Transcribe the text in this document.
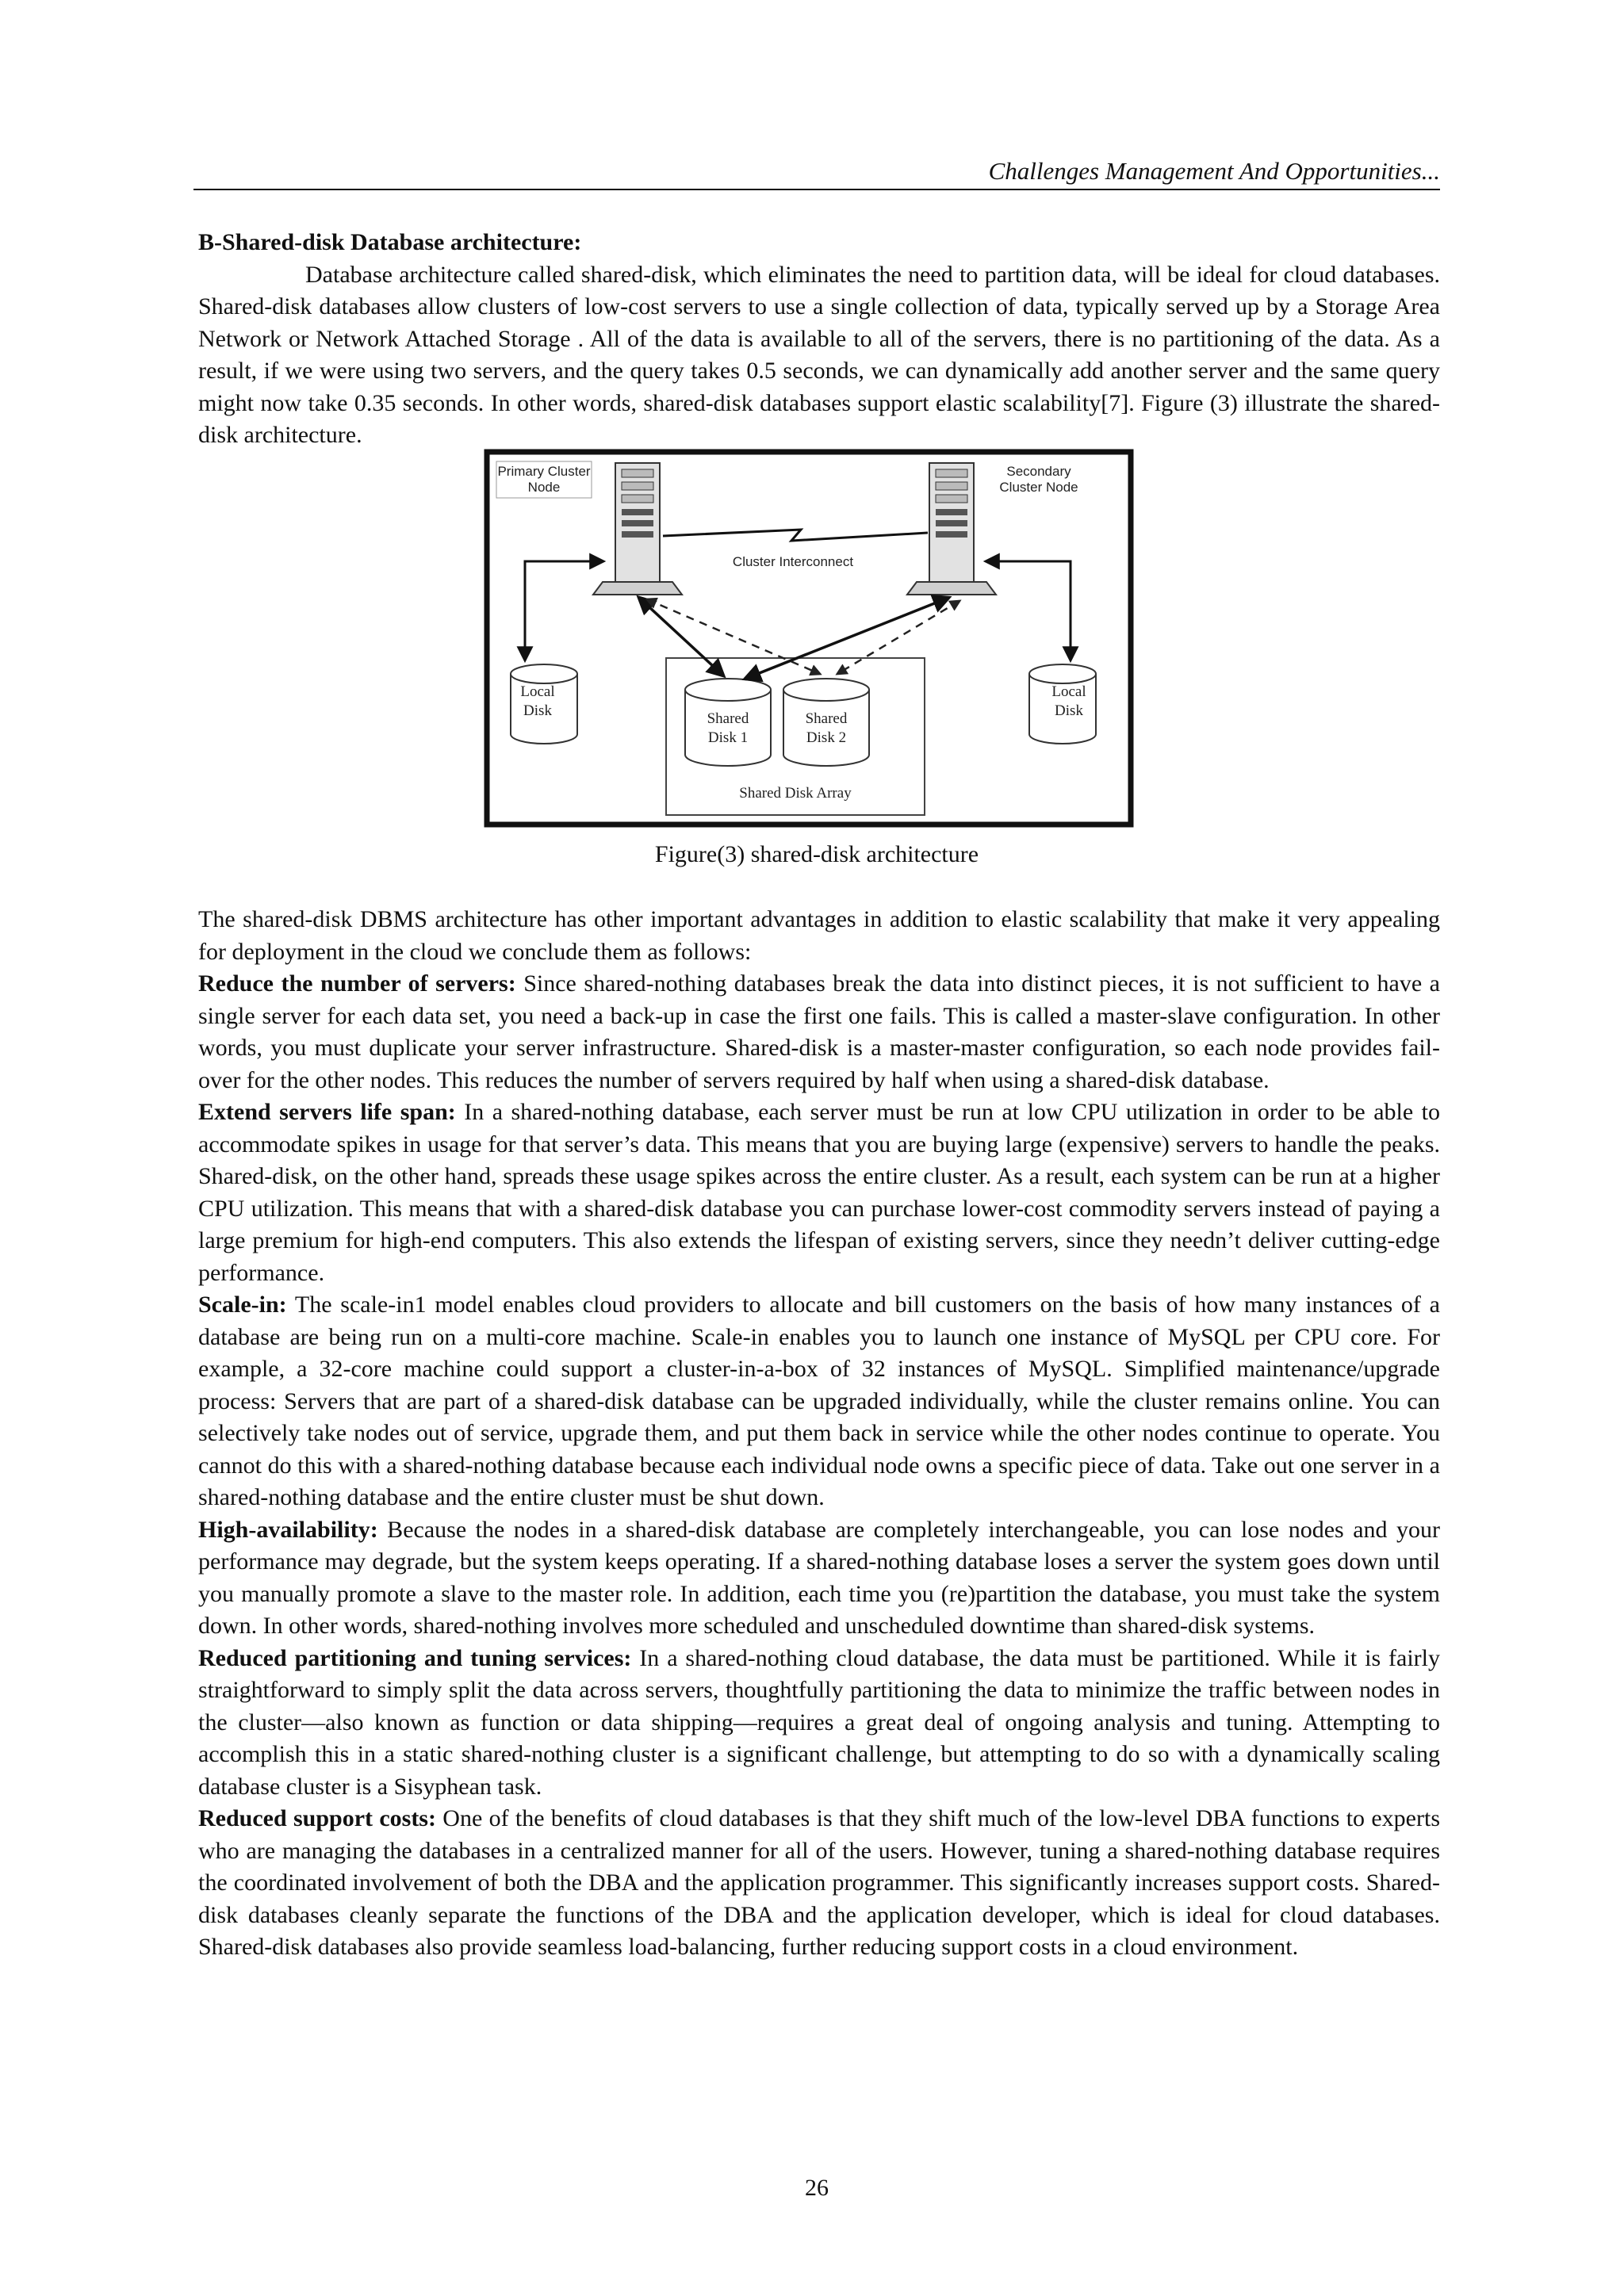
Challenges Management And Opportunities...
B-Shared-disk Database architecture:

Database architecture called shared-disk, which eliminates the need to partition data, will be ideal for cloud databases. Shared-disk databases allow clusters of low-cost servers to use a single collection of data, typically served up by a Storage Area Network or Network Attached Storage . All of the data is available to all of the servers, there is no partitioning of the data. As a result, if we were using two servers, and the query takes 0.5 seconds, we can dynamically add another server and the same query might now take 0.35 seconds. In other words, shared-disk databases support elastic scalability[7]. Figure (3) illustrate the shared-disk architecture.

Primary Cluster
Node
Secondary
Cluster Node
Cluster Interconnect
Local
Disk
Local
Disk
Shared Disk Array
Shared
Disk 1
Shared
Disk 2
Figure(3) shared-disk architecture

The shared-disk DBMS architecture has other important advantages in addition to elastic scalability that make it very appealing for deployment in the cloud we conclude them as follows:

Reduce the number of servers: Since shared-nothing databases break the data into distinct pieces, it is not sufficient to have a single server for each data set, you need a back-up in case the first one fails. This is called a master-slave configuration. In other words, you must duplicate your server infrastructure. Shared-disk is a master-master configuration, so each node provides fail-over for the other nodes. This reduces the number of servers required by half when using a shared-disk database.

Extend servers life span: In a shared-nothing database, each server must be run at low CPU utilization in order to be able to accommodate spikes in usage for that server’s data. This means that you are buying large (expensive) servers to handle the peaks. Shared-disk, on the other hand, spreads these usage spikes across the entire cluster. As a result, each system can be run at a higher CPU utilization. This means that with a shared-disk database you can purchase lower-cost commodity servers instead of paying a large premium for high-end computers. This also extends the lifespan of existing servers, since they needn’t deliver cutting-edge performance.

Scale-in: The scale-in1 model enables cloud providers to allocate and bill customers on the basis of how many instances of a database are being run on a multi-core machine. Scale-in enables you to launch one instance of MySQL per CPU core. For example, a 32-core machine could support a cluster-in-a-box of 32 instances of MySQL. Simplified maintenance/upgrade process: Servers that are part of a shared-disk database can be upgraded individually, while the cluster remains online. You can selectively take nodes out of service, upgrade them, and put them back in service while the other nodes continue to operate. You cannot do this with a shared-nothing database because each individual node owns a specific piece of data. Take out one server in a shared-nothing database and the entire cluster must be shut down.

High-availability: Because the nodes in a shared-disk database are completely interchangeable, you can lose nodes and your performance may degrade, but the system keeps operating. If a shared-nothing database loses a server the system goes down until you manually promote a slave to the master role. In addition, each time you (re)partition the database, you must take the system down. In other words, shared-nothing involves more scheduled and unscheduled downtime than shared-disk systems.

Reduced partitioning and tuning services: In a shared-nothing cloud database, the data must be partitioned. While it is fairly straightforward to simply split the data across servers, thoughtfully partitioning the data to minimize the traffic between nodes in the cluster—also known as function or data shipping—requires a great deal of ongoing analysis and tuning. Attempting to accomplish this in a static shared-nothing cluster is a significant challenge, but attempting to do so with a dynamically scaling database cluster is a Sisyphean task.

Reduced support costs: One of the benefits of cloud databases is that they shift much of the low-level DBA functions to experts who are managing the databases in a centralized manner for all of the users. However, tuning a shared-nothing database requires the coordinated involvement of both the DBA and the application programmer. This significantly increases support costs. Shared-disk databases cleanly separate the functions of the DBA and the application developer, which is ideal for cloud databases. Shared-disk databases also provide seamless load-balancing, further reducing support costs in a cloud environment.

26
